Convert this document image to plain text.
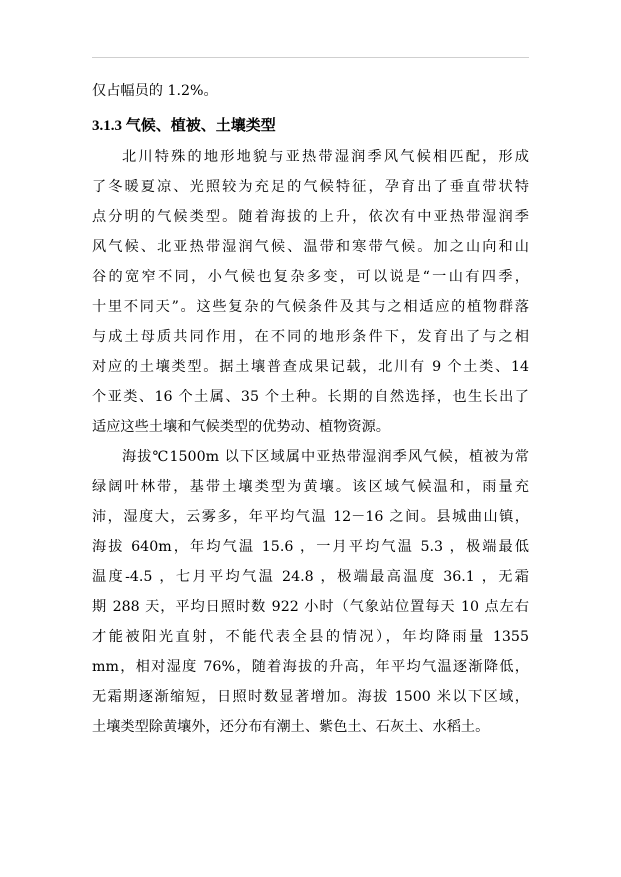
仅占幅员的 1.2%。
3.1.3 气候、植被、土壤类型
北川特殊的地形地貌与亚热带湿润季风气候相匹配，形成
了冬暖夏凉、光照较为充足的气候特征，孕育出了垂直带状特
点分明的气候类型。随着海拔的上升，依次有中亚热带湿润季
风气候、北亚热带湿润气候、温带和寒带气候。加之山向和山
谷的宽窄不同，小气候也复杂多变，可以说是“一山有四季，
十里不同天”。这些复杂的气候条件及其与之相适应的植物群落
与成土母质共同作用，在不同的地形条件下，发育出了与之相
对应的土壤类型。据土壤普查成果记载，北川有 9 个土类、14
个亚类、16 个土属、35 个土种。长期的自然选择，也生长出了
适应这些土壤和气候类型的优势动、植物资源。
海拔℃1500m 以下区域属中亚热带湿润季风气候，植被为常
绿阔叶林带，基带土壤类型为黄壤。该区域气候温和，雨量充
沛，湿度大，云雾多，年平均气温 12－16 之间。县城曲山镇，
海拔 640m，年均气温 15.6 ，一月平均气温 5.3 ，极端最低
温度-4.5 ，七月平均气温 24.8 ，极端最高温度 36.1 ，无霜
期 288 天，平均日照时数 922 小时（气象站位置每天 10 点左右
才能被阳光直射，不能代表全县的情况），年均降雨量 1355
mm，相对湿度 76%，随着海拔的升高，年平均气温逐渐降低，
无霜期逐渐缩短，日照时数显著增加。海拔 1500 米以下区域，
土壤类型除黄壤外，还分布有潮土、紫色土、石灰土、水稻土。
